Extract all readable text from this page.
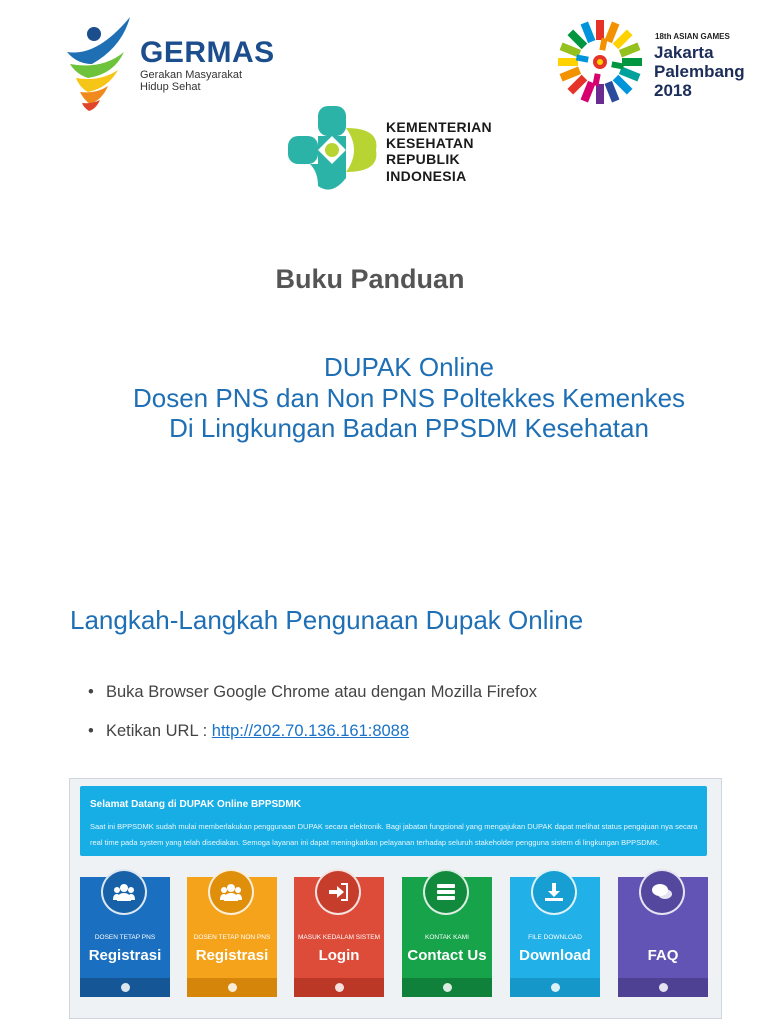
GERMAS
Gerakan Masyarakat
Hidup Sehat
18th ASIAN GAMES
Jakarta
Palembang
2018
KEMENTERIAN
KESEHATAN
REPUBLIK
INDONESIA
Buku Panduan
DUPAK Online
Dosen PNS dan Non PNS Poltekkes Kemenkes
Di Lingkungan Badan PPSDM Kesehatan
Langkah-Langkah Pengunaan Dupak Online
• Buka Browser Google Chrome atau dengan Mozilla Firefox
• Ketikan URL : http://202.70.136.161:8088
Selamat Datang di DUPAK Online BPPSDMK
Saat ini BPPSDMK sudah mulai memberlakukan penggunaan DUPAK secara elektronik. Bagi jabatan fungsional yang mengajukan DUPAK dapat melihat status pengajuan nya secara real time pada system yang telah disediakan. Semoga layanan ini dapat meningkatkan pelayanan terhadap seluruh stakeholder pengguna sistem di lingkungan BPPSDMK.
DOSEN TETAP PNS
Registrasi
DOSEN TETAP NON PNS
Registrasi
MASUK KEDALAM SISTEM
Login
KONTAK KAMI
Contact Us
FILE DOWNLOAD
Download	FAQ
